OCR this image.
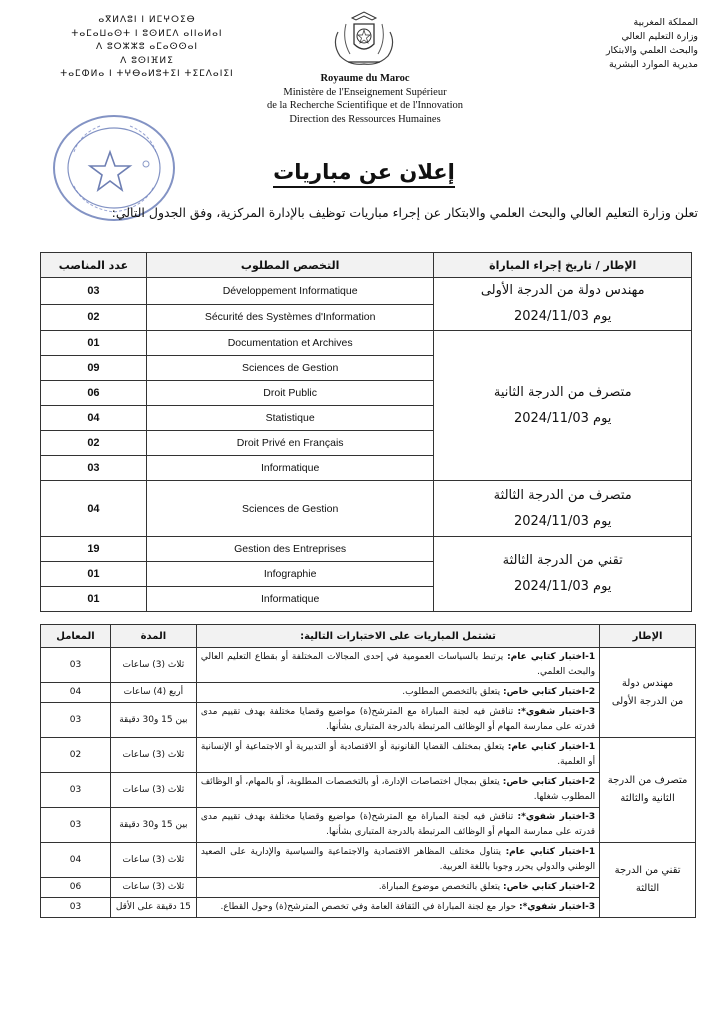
المملكة المغربية
وزارة التعليم العالي
والبحث العلمي والابتكار
مديرية الموارد البشرية
ⴰⴳⵍⴷⵓⵏ ⵏ ⵍⵎⵖⵔⵉⴱ
ⵜⴰⵎⴰⵡⴰⵙⵜ ⵏ ⵓⵙⵍⵎⴷ ⴰⵏⵏⴰⵍⴰⵏ
ⴷ ⵓⵔⵣⵣⵓ ⴰⵎⴰⵙⵙⴰⵏ
ⴷ ⵓⵙⵏⴼⵍⵉ
ⵜⴰⵎⵀⵍⴰ ⵏ ⵜⵖⴱⴰⵍⵓⵜⵉⵏ ⵜⵉⵎⴷⴰⵏⵉⵏ	Royaume du Maroc
Ministère de l'Enseignement Supérieur
de la Recherche Scientifique et de l'Innovation
Direction des Ressources Humaines
إعلان عن مباريات
تعلن وزارة التعليم العالي والبحث العلمي والابتكار عن إجراء مباريات توظيف بالإدارة المركزية، وفق الجدول التالي:
الإطار / تاريخ إجراء المباراة	التخصص المطلوب	عدد المناصب

مهندس دولة من الدرجة الأولى
يوم 2024/11/03	Développement Informatique	03
	Sécurité des Systèmes d'Information	02

متصرف من الدرجة الثانية
يوم 2024/11/03	Documentation et Archives	01
	Sciences de Gestion	09
	Droit Public	06
	Statistique	04
	Droit Privé en Français	02
	Informatique	03

متصرف من الدرجة الثالثة
يوم 2024/11/03	Sciences de Gestion	04

تقني من الدرجة الثالثة
يوم 2024/11/03	Gestion des Entreprises	19
	Infographie	01
	Informatique	01
الإطار	تشتمل المباريات على الاختبارات التالية:	المدة	المعامل

مهندس دولة
من الدرجة الأولى	1-اختبار كتابي عام: يرتبط بالسياسات العمومية في إحدى المجالات المختلفة أو بقطاع التعليم العالي والبحث العلمي.	ثلاث (3) ساعات	03
	2-اختبار كتابي خاص: يتعلق بالتخصص المطلوب.	أربع (4) ساعات	04
	3-اختبار شفوي*: تناقش فيه لجنة المباراة مع المترشح(ة) مواضيع وقضايا مختلفة بهدف تقييم مدى قدرته على ممارسة المهام أو الوظائف المرتبطة بالدرجة المتبارى بشأنها.	بين 15 و30 دقيقة	03

متصرف من الدرجة
الثانية والثالثة	1-اختبار كتابي عام: يتعلق بمختلف القضايا القانونية أو الاقتصادية أو التدبيرية أو الاجتماعية أو الإنسانية أو العلمية.	ثلاث (3) ساعات	02
	2-اختبار كتابي خاص: يتعلق بمجال اختصاصات الإدارة، أو بالتخصصات المطلوبة، أو بالمهام، أو الوظائف المطلوب شغلها.	ثلاث (3) ساعات	03
	3-اختبار شفوي*: تناقش فيه لجنة المباراة مع المترشح(ة) مواضيع وقضايا مختلفة بهدف تقييم مدى قدرته على ممارسة المهام أو الوظائف المرتبطة بالدرجة المتبارى بشأنها.	بين 15 و30 دقيقة	03

تقني من الدرجة
الثالثة	1-اختبار كتابي عام: يتناول مختلف المظاهر الاقتصادية والاجتماعية والسياسية والإدارية على الصعيد الوطني والدولي يحرر وجوبا باللغة العربية.	ثلاث (3) ساعات	04
	2-اختبار كتابي خاص: يتعلق بالتخصص موضوع المباراة.	ثلاث (3) ساعات	06
	3-اختبار شفوي*: حوار مع لجنة المباراة في الثقافة العامة وفي تخصص المترشح(ة) وحول القطاع.	15 دقيقة على الأقل	03
